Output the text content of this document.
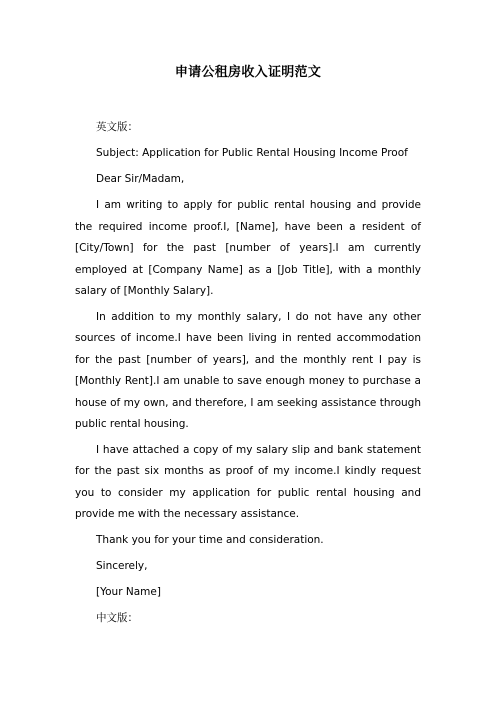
申请公租房收入证明范文

英文版：

Subject: Application for Public Rental Housing Income Proof

Dear Sir/Madam,

I am writing to apply for public rental housing and provide the required income proof.I, [Name], have been a resident of [City/Town] for the past [number of years].I am currently employed at [Company Name] as a [Job Title], with a monthly salary of [Monthly Salary].

In addition to my monthly salary, I do not have any other sources of income.I have been living in rented accommodation for the past [number of years], and the monthly rent I pay is [Monthly Rent].I am unable to save enough money to purchase a house of my own, and therefore, I am seeking assistance through public rental housing.

I have attached a copy of my salary slip and bank statement for the past six months as proof of my income.I kindly request you to consider my application for public rental housing and provide me with the necessary assistance.

Thank you for your time and consideration.

Sincerely,

[Your Name]

中文版：
